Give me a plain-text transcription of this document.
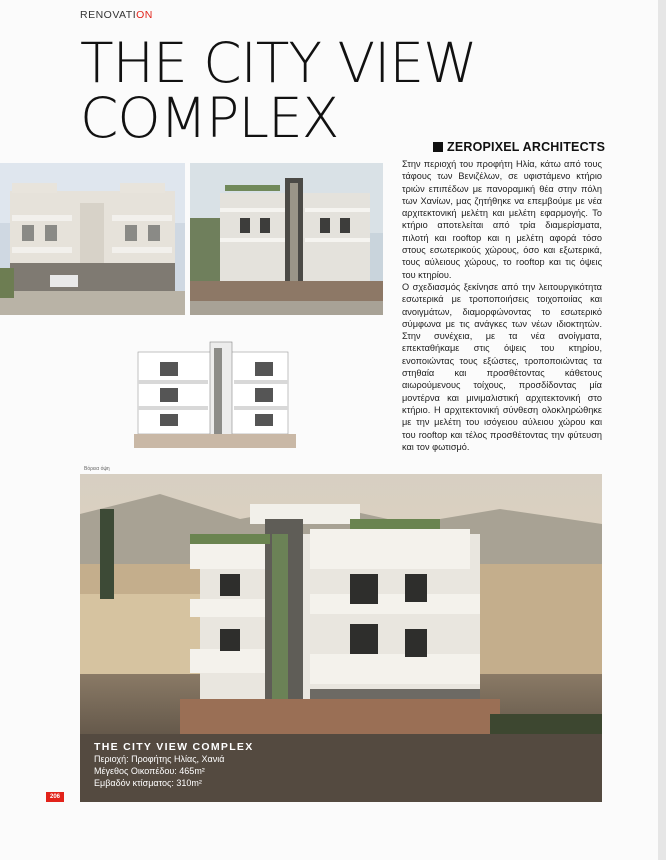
RENOVATION
THE CITY VIEW
COMPLEX	ZEROPIXEL ARCHITECTS

Στην περιοχή του προφήτη Ηλία, κάτω από τους τάφους των Βενιζέλων, σε υφιστάμενο κτήριο τριών επιπέδων με πανοραμική θέα στην πόλη των Χανίων, μας ζητήθηκε να επεμβούμε με νέα αρχιτεκτονική μελέτη και μελέτη εφαρμογής. Το κτήριο αποτελείται από τρία διαμερίσματα, πιλοτή και rooftop και η μελέτη αφορά τόσο στους εσωτερικούς χώρους, όσο και εξωτερικά, τους αύλειους χώρους, το rooftop και τις όψεις του κτηρίου.

Ο σχεδιασμός ξεκίνησε από την λειτουργικότητα εσωτερικά με τροποποιήσεις τοιχοποιίας και ανοιγμάτων, διαμορφώνοντας το εσωτερικό σύμφωνα με τις ανάγκες των νέων ιδιοκτητών. Στην συνέχεια, με τα νέα ανοίγματα, επεκταθήκαμε στις όψεις του κτηρίου, ενοποιώντας τους εξώστες, τροποποιώντας τα στηθαία και προσθέτοντας κάθετους αιωρούμενους τοίχους, προσδίδοντας μία μοντέρνα και μινιμαλιστική αρχιτεκτονική στο κτήριο. Η αρχιτεκτονική σύνθεση ολοκληρώθηκε με την μελέτη του ισόγειου αύλειου χώρου και του rooftop και τέλος προσθέτοντας την φύτευση και τον φωτισμό.

Βόρεια όψη
THE CITY VIEW COMPLEX
Περιοχή: Προφήτης Ηλίας, Χανιά
Μέγεθος Οικοπέδου: 465m²
Εμβαδόν κτίσματος: 310m²
206
